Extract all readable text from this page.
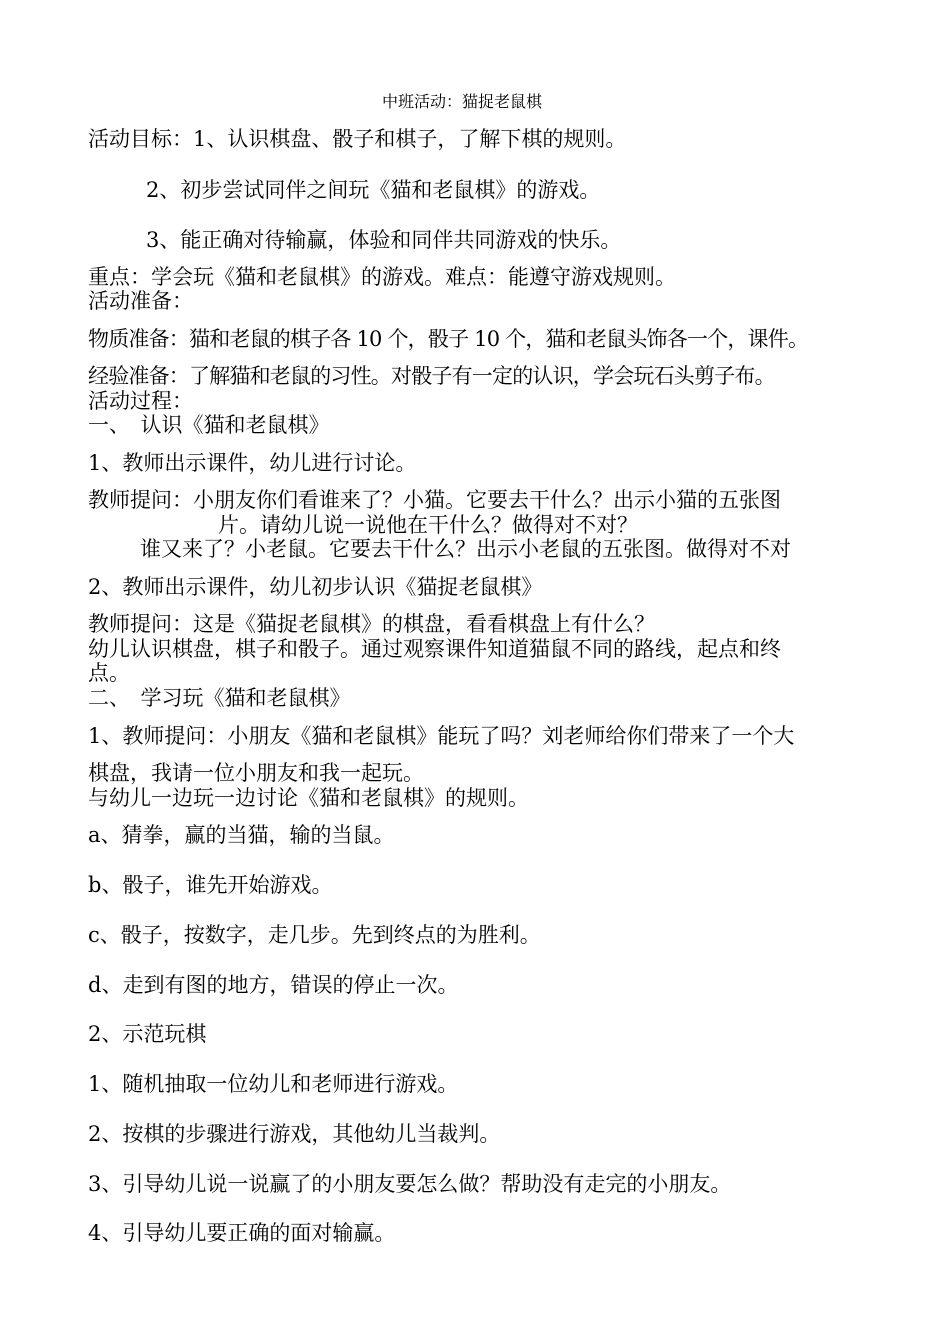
中班活动：猫捉老鼠棋
活动目标：1、认识棋盘、骰子和棋子，了解下棋的规则。
2、初步尝试同伴之间玩《猫和老鼠棋》的游戏。
3、能正确对待输赢，体验和同伴共同游戏的快乐。
重点：学会玩《猫和老鼠棋》的游戏。难点：能遵守游戏规则。
活动准备：
物质准备：猫和老鼠的棋子各 10 个，骰子 10 个，猫和老鼠头饰各一个，课件。
经验准备：了解猫和老鼠的习性。对骰子有一定的认识，学会玩石头剪子布。
活动过程：
一、　认识《猫和老鼠棋》
1、教师出示课件，幼儿进行讨论。
教师提问：小朋友你们看谁来了？小猫。它要去干什么？出示小猫的五张图
片。请幼儿说一说他在干什么？做得对不对？
谁又来了？小老鼠。它要去干什么？出示小老鼠的五张图。做得对不对
2、教师出示课件，幼儿初步认识《猫捉老鼠棋》
教师提问：这是《猫捉老鼠棋》的棋盘，看看棋盘上有什么？
幼儿认识棋盘，棋子和骰子。通过观察课件知道猫鼠不同的路线，起点和终
点。
二、　学习玩《猫和老鼠棋》
1、教师提问：小朋友《猫和老鼠棋》能玩了吗？刘老师给你们带来了一个大
棋盘，我请一位小朋友和我一起玩。
与幼儿一边玩一边讨论《猫和老鼠棋》的规则。
a、猜拳，赢的当猫，输的当鼠。
b、骰子，谁先开始游戏。
c、骰子，按数字，走几步。先到终点的为胜利。
d、走到有图的地方，错误的停止一次。
2、示范玩棋
1、随机抽取一位幼儿和老师进行游戏。
2、按棋的步骤进行游戏，其他幼儿当裁判。
3、引导幼儿说一说赢了的小朋友要怎么做？帮助没有走完的小朋友。
4、引导幼儿要正确的面对输赢。
